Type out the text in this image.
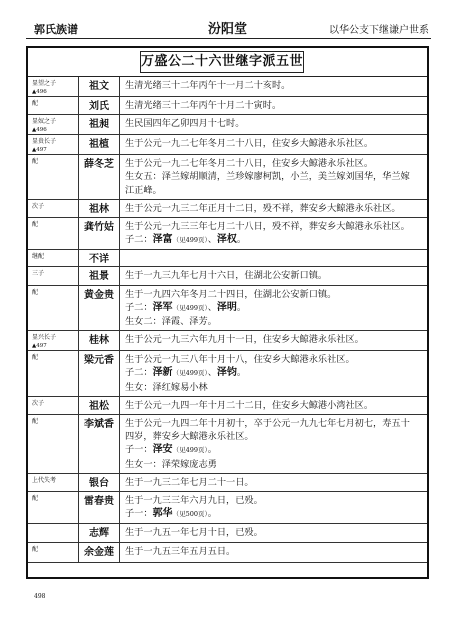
郭氏族谱	汾阳堂	以华公支下继谦户世系
万盛公二十六世继字派五世
显望之子
▲496	祖文	生清光绪三十二年丙午十一月二十亥时。

配	刘氏	生清光绪三十二年丙午十月二十寅时。

显奴之子
▲496	祖昶	生民国四年乙卯四月十七时。

显贵长子
▲497	祖植	生于公元一九二七年冬月二十八日，住安乡大鲸港永乐社区。

配	薛冬芝	生于公元一九二七年冬月二十八日，住安乡大鲸港永乐社区。
生女五：泽兰嫁胡顺清，兰珍嫁廖柯凯，小兰，美兰嫁刘国华，华兰嫁
江正峰。

次子	祖林	生于公元一九三二年正月十二日，殁不祥，葬安乡大鲸港永乐社区。

配	龚竹姑	生于公元一九三三年七月二十八日，殁不祥，葬安乡大鲸港永乐社区。
子二：泽富（见499页）、泽权。

继配	不详	

三子	祖景	生于一九三九年七月十六日，住湖北公安新口镇。

配	黄金贵	生于一九四六年冬月二十四日，住湖北公安新口镇。
子二：泽军（见499页）、泽明。
生女二：泽霞、泽芳。

显兴长子
▲497	桂林	生于公元一九三六年九月十一日，住安乡大鲸港永乐社区。

配	梁元香	生于公元一九三八年十月十八，住安乡大鲸港永乐社区。
子二：泽新（见499页）、泽钧。
生女：泽红嫁易小林

次子	祖松	生于公元一九四一年十月二十二日，住安乡大鲸港小湾社区。

配	李斌香	生于公元一九四二年十月初十，卒于公元一九九七年七月初七，寿五十
四岁，葬安乡大鲸港永乐社区。
子一：泽安（见499页）。
生女一：泽荣嫁庞志勇

上代失考	银台	生于一九三二年七月二十一日。

配	雷春贵	生于一九三三年六月九日，已殁。
子一：郭华（见500页）。

	志辉	生于一九五一年七月十日，已殁。

配	余金莲	生于一九五三年五月五日。
498
